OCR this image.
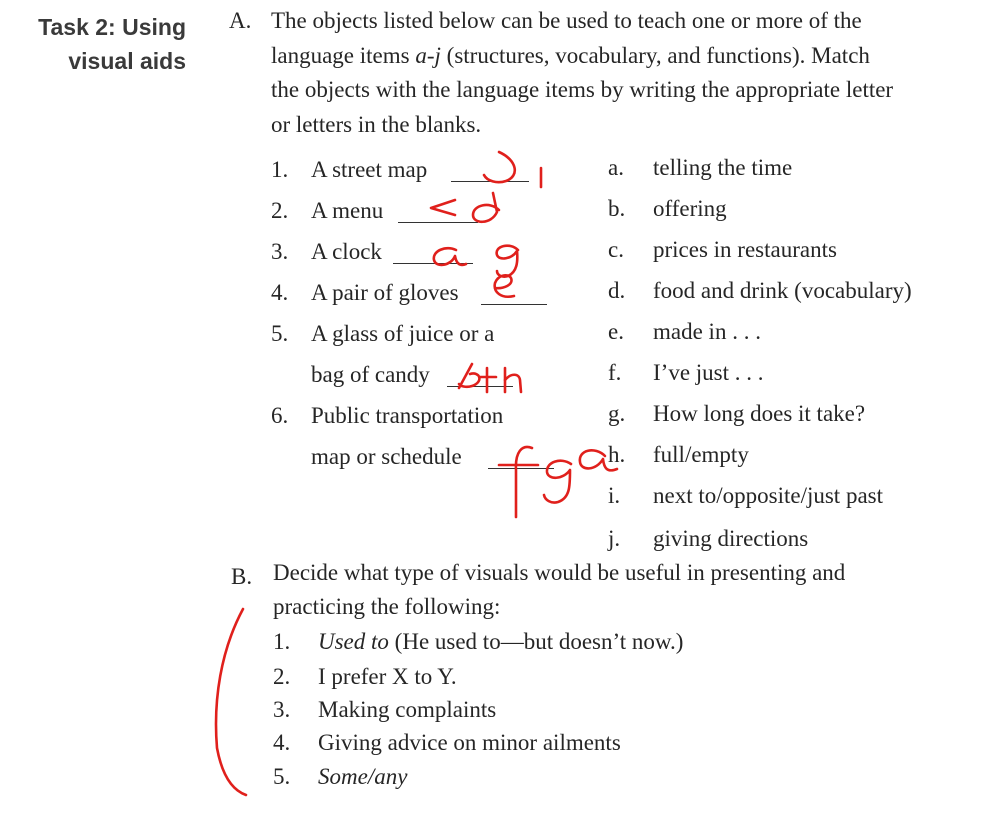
Task 2: Using
visual aids
A. The objects listed below can be used to teach one or more of the
language items a-j (structures, vocabulary, and functions). Match
the objects with the language items by writing the appropriate letter
or letters in the blanks.
1. A street map
2. A menu
3. A clock
4. A pair of gloves
5. A glass of juice or a
bag of candy
6. Public transportation
map or schedule
a. telling the time
b. offering
c. prices in restaurants
d. food and drink (vocabulary)
e. made in . . .
f. I’ve just . . .
g. How long does it take?
h. full/empty
i. next to/opposite/just past
j. giving directions
B. Decide what type of visuals would be useful in presenting and
practicing the following:
1. Used to (He used to—but doesn’t now.)
2. I prefer X to Y.
3. Making complaints
4. Giving advice on minor ailments
5. Some/any
